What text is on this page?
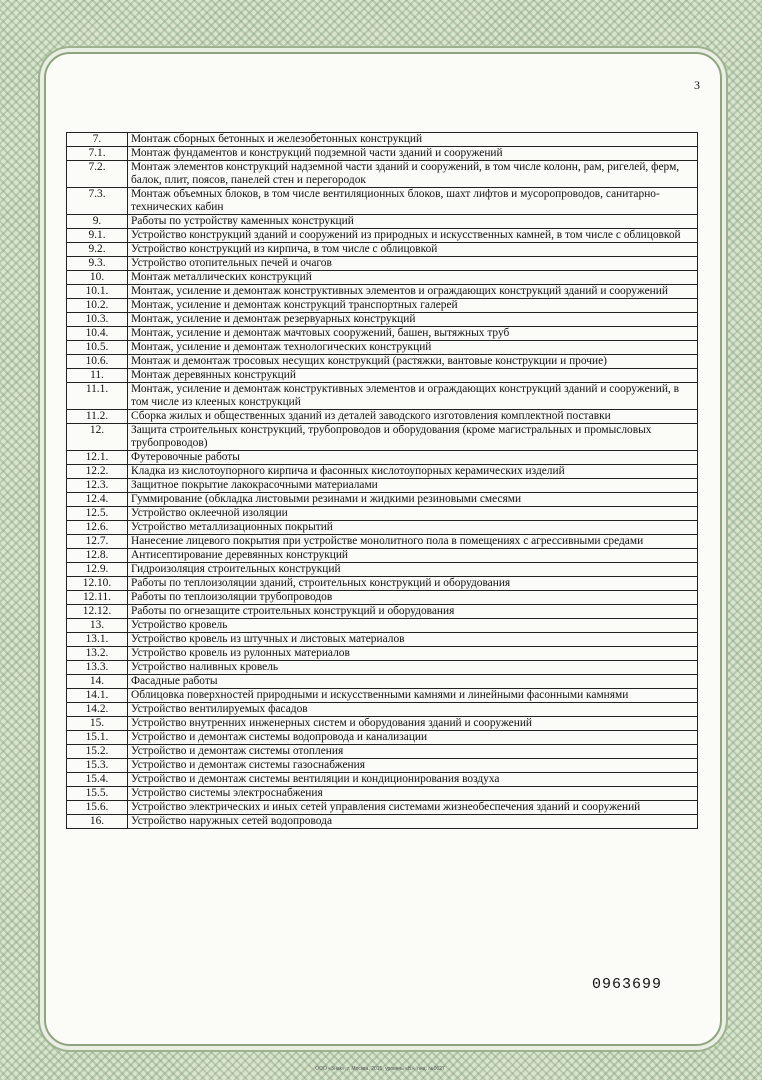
3
7.	Монтаж сборных бетонных и железобетонных конструкций
7.1.	Монтаж фундаментов и конструкций подземной части зданий и сооружений
7.2.	Монтаж элементов конструкций надземной части зданий и сооружений, в том числе колонн, рам, ригелей, ферм, балок, плит, поясов, панелей стен и перегородок
7.3.	Монтаж объемных блоков, в том числе вентиляционных блоков, шахт лифтов и мусоропроводов, санитарно-технических кабин
9.	Работы по устройству каменных конструкций
9.1.	Устройство конструкций зданий и сооружений из природных и искусственных камней, в том числе с облицовкой
9.2.	Устройство конструкций из кирпича, в том числе с облицовкой
9.3.	Устройство отопительных печей и очагов
10.	Монтаж металлических конструкций
10.1.	Монтаж, усиление и демонтаж конструктивных элементов и ограждающих конструкций зданий и сооружений
10.2.	Монтаж, усиление и демонтаж конструкций транспортных галерей
10.3.	Монтаж, усиление и демонтаж резервуарных конструкций
10.4.	Монтаж, усиление и демонтаж мачтовых сооружений, башен, вытяжных труб
10.5.	Монтаж, усиление и демонтаж технологических конструкций
10.6.	Монтаж и демонтаж тросовых несущих конструкций (растяжки, вантовые конструкции и прочие)
11.	Монтаж деревянных конструкций
11.1.	Монтаж, усиление и демонтаж конструктивных элементов и ограждающих конструкций зданий и сооружений, в том числе из клееных конструкций
11.2.	Сборка жилых и общественных зданий из деталей заводского изготовления комплектной поставки
12.	Защита строительных конструкций, трубопроводов и оборудования (кроме магистральных и промысловых трубопроводов)
12.1.	Футеровочные работы
12.2.	Кладка из кислотоупорного кирпича и фасонных кислотоупорных керамических изделий
12.3.	Защитное покрытие лакокрасочными материалами
12.4.	Гуммирование (обкладка листовыми резинами и жидкими резиновыми смесями
12.5.	Устройство оклеечной изоляции
12.6.	Устройство металлизационных покрытий
12.7.	Нанесение лицевого покрытия при устройстве монолитного пола в помещениях с агрессивными средами
12.8.	Антисептирование деревянных конструкций
12.9.	Гидроизоляция строительных конструкций
12.10.	Работы по теплоизоляции зданий, строительных конструкций и оборудования
12.11.	Работы по теплоизоляции трубопроводов
12.12.	Работы по огнезащите строительных конструкций и оборудования
13.	Устройство кровель
13.1.	Устройство кровель из штучных и листовых материалов
13.2.	Устройство кровель из рулонных материалов
13.3.	Устройство наливных кровель
14.	Фасадные работы
14.1.	Облицовка поверхностей природными и искусственными камнями и линейными фасонными камнями
14.2.	Устройство вентилируемых фасадов
15.	Устройство внутренних инженерных систем и оборудования зданий и сооружений
15.1.	Устройство и демонтаж системы водопровода и канализации
15.2.	Устройство и демонтаж системы отопления
15.3.	Устройство и демонтаж системы газоснабжения
15.4.	Устройство и демонтаж системы вентиляции и кондиционирования воздуха
15.5.	Устройство системы электроснабжения
15.6.	Устройство электрических и иных сетей управления системами жизнеобеспечения зданий и сооружений
16.	Устройство наружных сетей водопровода
0963699
ООО «Знак», г. Москва, 2015, уровень «В», лиц. №0627
